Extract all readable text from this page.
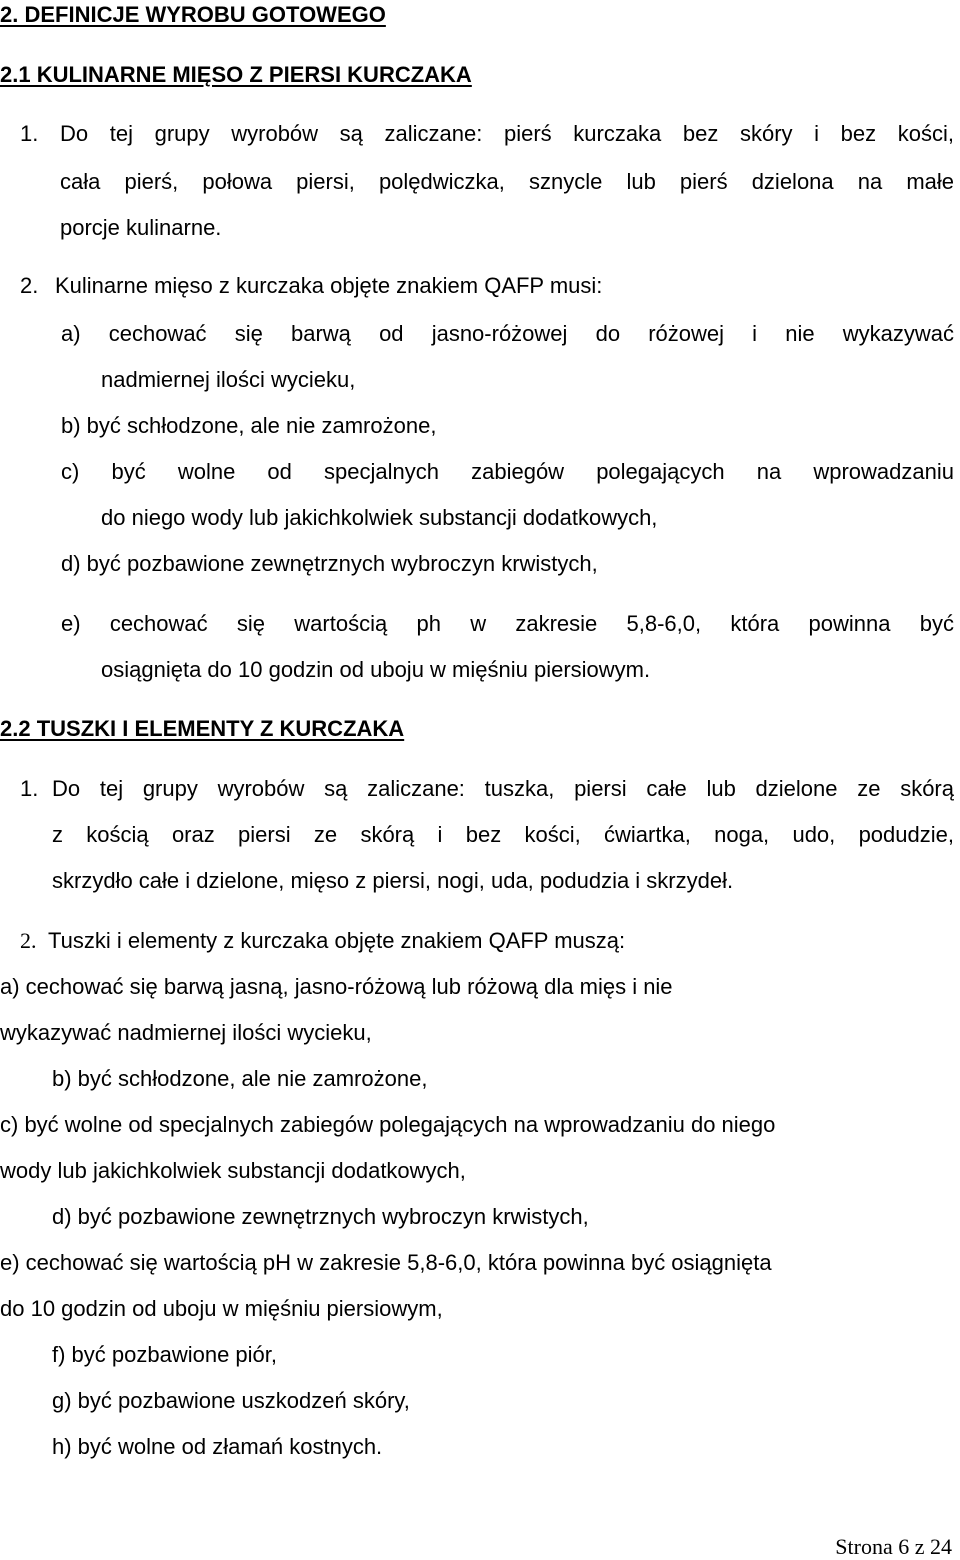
2. DEFINICJE WYROBU GOTOWEGO
2.1 KULINARNE MIĘSO Z PIERSI KURCZAKA
1. Do tej grupy wyrobów są zaliczane: pierś kurczaka bez skóry i bez kości,
cała pierś, połowa piersi, polędwiczka, sznycle lub pierś dzielona na małe
porcje kulinarne.
2. Kulinarne mięso z kurczaka objęte znakiem QAFP musi:
a) cechować się barwą od jasno-różowej do różowej i nie wykazywać
nadmiernej ilości wycieku,
b) być schłodzone, ale nie zamrożone,
c) być wolne od specjalnych zabiegów polegających na wprowadzaniu
do niego wody lub jakichkolwiek substancji dodatkowych,
d) być pozbawione zewnętrznych wybroczyn krwistych,
e) cechować się wartością ph w zakresie 5,8-6,0, która powinna być
osiągnięta do 10 godzin od uboju w mięśniu piersiowym.
2.2 TUSZKI I ELEMENTY Z KURCZAKA
1. Do tej grupy wyrobów są zaliczane: tuszka, piersi całe lub dzielone ze skórą
z kością oraz piersi ze skórą i bez kości, ćwiartka, noga, udo, podudzie,
skrzydło całe i dzielone, mięso z piersi, nogi, uda, podudzia i skrzydeł.
2. Tuszki i elementy z kurczaka objęte znakiem QAFP muszą:
a) cechować się barwą jasną, jasno-różową lub różową dla mięs i nie
wykazywać nadmiernej ilości wycieku,
b) być schłodzone, ale nie zamrożone,
c) być wolne od specjalnych zabiegów polegających na wprowadzaniu do niego
wody lub jakichkolwiek substancji dodatkowych,
d) być pozbawione zewnętrznych wybroczyn krwistych,
e) cechować się wartością pH w zakresie 5,8-6,0, która powinna być osiągnięta
do 10 godzin od uboju w mięśniu piersiowym,
f) być pozbawione piór,
g) być pozbawione uszkodzeń skóry,
h) być wolne od złamań kostnych.
Strona 6 z 24
